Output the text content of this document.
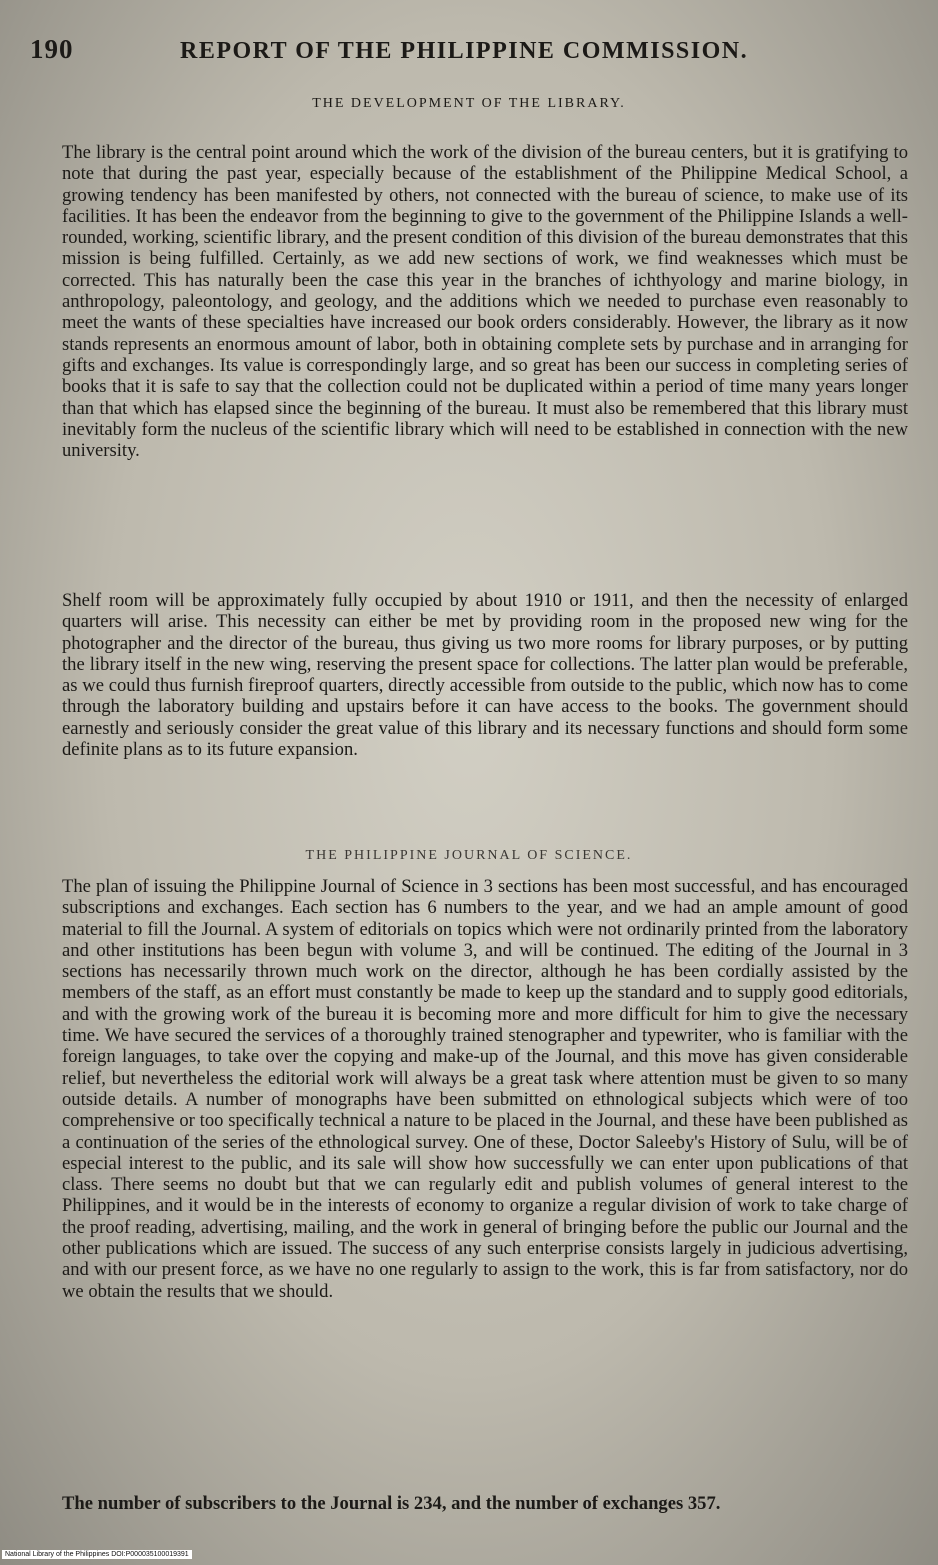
190	REPORT OF THE PHILIPPINE COMMISSION.
THE DEVELOPMENT OF THE LIBRARY.

The library is the central point around which the work of the division of the bureau centers, but it is gratifying to note that during the past year, especially because of the establishment of the Philippine Medical School, a growing tendency has been manifested by others, not connected with the bureau of science, to make use of its facilities. It has been the endeavor from the beginning to give to the government of the Philippine Islands a well-rounded, working, scientific library, and the present condition of this division of the bureau demonstrates that this mission is being fulfilled. Certainly, as we add new sections of work, we find weaknesses which must be corrected. This has naturally been the case this year in the branches of ichthyology and marine biology, in anthropology, paleontology, and geology, and the additions which we needed to purchase even reasonably to meet the wants of these specialties have increased our book orders considerably. However, the library as it now stands represents an enormous amount of labor, both in obtaining complete sets by purchase and in arranging for gifts and exchanges. Its value is correspondingly large, and so great has been our success in completing series of books that it is safe to say that the collection could not be duplicated within a period of time many years longer than that which has elapsed since the beginning of the bureau. It must also be remembered that this library must inevitably form the nucleus of the scientific library which will need to be established in connection with the new university.

Shelf room will be approximately fully occupied by about 1910 or 1911, and then the necessity of enlarged quarters will arise. This necessity can either be met by providing room in the proposed new wing for the photographer and the director of the bureau, thus giving us two more rooms for library purposes, or by putting the library itself in the new wing, reserving the present space for collections. The latter plan would be preferable, as we could thus furnish fireproof quarters, directly accessible from outside to the public, which now has to come through the laboratory building and upstairs before it can have access to the books. The government should earnestly and seriously consider the great value of this library and its necessary functions and should form some definite plans as to its future expansion.

THE PHILIPPINE JOURNAL OF SCIENCE.

The plan of issuing the Philippine Journal of Science in 3 sections has been most successful, and has encouraged subscriptions and exchanges. Each section has 6 numbers to the year, and we had an ample amount of good material to fill the Journal. A system of editorials on topics which were not ordinarily printed from the laboratory and other institutions has been begun with volume 3, and will be continued. The editing of the Journal in 3 sections has necessarily thrown much work on the director, although he has been cordially assisted by the members of the staff, as an effort must constantly be made to keep up the standard and to supply good editorials, and with the growing work of the bureau it is becoming more and more difficult for him to give the necessary time. We have secured the services of a thoroughly trained stenographer and typewriter, who is familiar with the foreign languages, to take over the copying and make-up of the Journal, and this move has given considerable relief, but nevertheless the editorial work will always be a great task where attention must be given to so many outside details. A number of monographs have been submitted on ethnological subjects which were of too comprehensive or too specifically technical a nature to be placed in the Journal, and these have been published as a continuation of the series of the ethnological survey. One of these, Doctor Saleeby's History of Sulu, will be of especial interest to the public, and its sale will show how successfully we can enter upon publications of that class. There seems no doubt but that we can regularly edit and publish volumes of general interest to the Philippines, and it would be in the interests of economy to organize a regular division of work to take charge of the proof reading, advertising, mailing, and the work in general of bringing before the public our Journal and the other publications which are issued. The success of any such enterprise consists largely in judicious advertising, and with our present force, as we have no one regularly to assign to the work, this is far from satisfactory, nor do we obtain the results that we should.

The number of subscribers to the Journal is 234, and the number of exchanges 357.

National Library of the Philippines DOI:P000035100019391
